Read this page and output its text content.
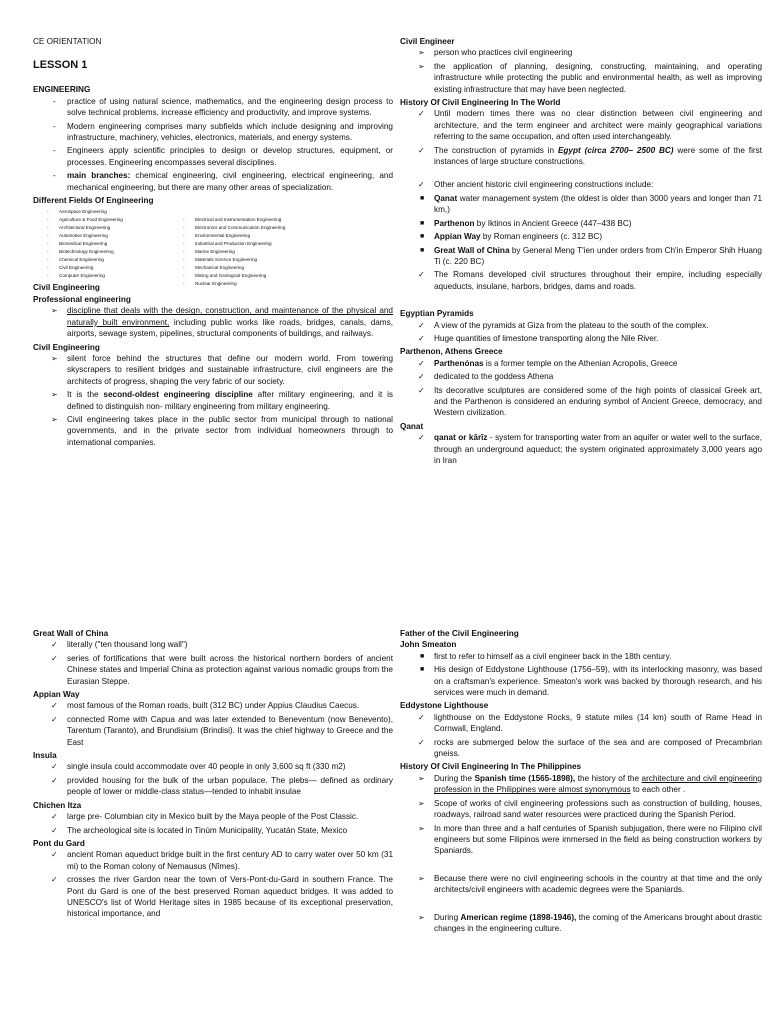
CE ORIENTATION

LESSON 1

ENGINEERING

-	practice of using natural science, mathematics, and the engineering design process to solve technical problems, increase efficiency and productivity, and improve systems.

-	Modern engineering comprises many subfields which include designing and improving infrastructure, machinery, vehicles, electronics, materials, and energy systems.

-	Engineers apply scientific principles to design or develop structures, equipment, or processes. Engineering encompasses several disciplines.

-	main branches: chemical engineering, civil engineering, electrical engineering, and mechanical engineering, but there are many other areas of specialization.

Different Fields Of Engineering

- Aerospace Engineering
- Agriculture & Food Engineering
- Architectural Engineering
- Automotive Engineering
- Biomedical Engineering
- Biotechnology Engineering
- Chemical Engineering
- Civil Engineering
- Computer Engineering
- Electrical and Instrumentation Engineering
- Electronics and Communication Engineering
- Environmental Engineering
- Industrial and Production Engineering
- Marine Engineering
- Materials Science Engineering
- Mechanical Engineering
- Mining and Geological Engineering
- Nuclear Engineering

Civil Engineering

Professional engineering

➢	discipline that deals with the design, construction, and maintenance of the physical and naturally built environment, including public works like roads, bridges, canals, dams, airports, sewage system, pipelines, structural components of buildings, and railways.

Civil Engineering

➢	silent force behind the structures that define our modern world. From towering skyscrapers to resilient bridges and sustainable infrastructure, civil engineers are the architects of progress, shaping the very fabric of our society.

➢	It is the second-oldest engineering discipline after military engineering, and it is defined to distinguish non- military engineering from military engineering.

➢	Civil engineering takes place in the public sector from municipal through to national governments, and in the private sector from individual homeowners through to international companies.

Civil Engineer

➢	person who practices civil engineering

➢	the application of planning, designing, constructing, maintaining, and operating infrastructure while protecting the public and environmental health, as well as improving existing infrastructure that may have been neglected.

History Of Civil Engineering In The World

✓	Until modern times there was no clear distinction between civil engineering and architecture, and the term engineer and architect were mainly geographical variations referring to the same occupation, and often used interchangeably.

✓	The construction of pyramids in Egypt (circa 2700– 2500 BC) were some of the first instances of large structure constructions.

✓	Other ancient historic civil engineering constructions include:

■	Qanat water management system (the oldest is older than 3000 years and longer than 71 km,)

■	Parthenon by Iktinos in Ancient Greece (447–438 BC)

■	Appian Way by Roman engineers (c. 312 BC)

■	Great Wall of China by General Meng T'ien under orders from Ch'in Emperor Shih Huang Ti (c. 220 BC)

✓	The Romans developed civil structures throughout their empire, including especially aqueducts, insulane, harbors, bridges, dams and roads.

Egyptian Pyramids

✓	A view of the pyramids at Giza from the plateau to the south of the complex.

✓	Huge quantities of limestone transporting along the Nile River.

Parthenon, Athens Greece

✓	Parthenónas is a former temple on the Athenian Acropolis, Greece

✓	dedicated to the goddess Athena

✓	Its decorative sculptures are considered some of the high points of classical Greek art, and the Parthenon is considered an enduring symbol of Ancient Greece, democracy, and Western civilization.

Qanat

✓	qanat or kārīz - system for transporting water from an aquifer or water well to the surface, through an underground aqueduct; the system originated approximately 3,000 years ago in Iran

Great Wall of China

✓	literally ("ten thousand long wall")

✓	series of fortifications that were built across the historical northern borders of ancient Chinese states and Imperial China as protection against various nomadic groups from the Eurasian Steppe.

Appian Way

✓	most famous of the Roman roads, built (312 BC) under Appius Claudius Caecus.

✓	connected Rome with Capua and was later extended to Beneventum (now Benevento), Tarentum (Taranto), and Brundisium (Brindisi). It was the chief highway to Greece and the East

Insula

✓	single insula could accommodate over 40 people in only 3,600 sq ft (330 m2)

✓	provided housing for the bulk of the urban populace. The plebs— defined as ordinary people of lower or middle-class status—tended to inhabit insulae

Chichen Itza

✓	large pre- Columbian city in Mexico built by the Maya people of the Post Classic.

✓	The archeological site is located in Tinúm Municipality, Yucatán State, Mexico

Pont du Gard

✓	ancient Roman aqueduct bridge built in the first century AD to carry water over 50 km (31 mi) to the Roman colony of Nemausus (Nîmes).

✓	crosses the river Gardon near the town of Vers-Pont-du-Gard in southern France. The Pont du Gard is one of the best preserved Roman aqueduct bridges. It was added to UNESCO's list of World Heritage sites in 1985 because of its exceptional preservation, historical importance, and

Father of the Civil Engineering

John Smeaton

■	first to refer to himself as a civil engineer back in the 18th century.

■	His design of Eddystone Lighthouse (1756–59), with its interlocking masonry, was based on a craftsman's experience. Smeaton's work was backed by thorough research, and his services were much in demand.

Eddystone Lighthouse

✓	lighthouse on the Eddystone Rocks, 9 statute miles (14 km) south of Rame Head in Cornwall, England.

✓	rocks are submerged below the surface of the sea and are composed of Precambrian gneiss.

History Of Civil Engineering In The Philippines

➢	During the Spanish time (1565-1898), the history of the architecture and civil engineering profession in the Philippines were almost synonymous to each other .

➢	Scope of works of civil engineering professions such as construction of building, houses, roadways, railroad sand water resources were practiced during the Spanish Period.

➢	In more than three and a half centuries of Spanish subjugation, there were no Filipino civil engineers but some Filipinos were immersed in the field as being construction workers by Spaniards.

➢	Because there were no civil engineering schools in the country at that time and the only architects/civil engineers with academic degrees were the Spaniards.

➢	During American regime (1898-1946), the coming of the Americans brought about drastic changes in the engineering culture.
